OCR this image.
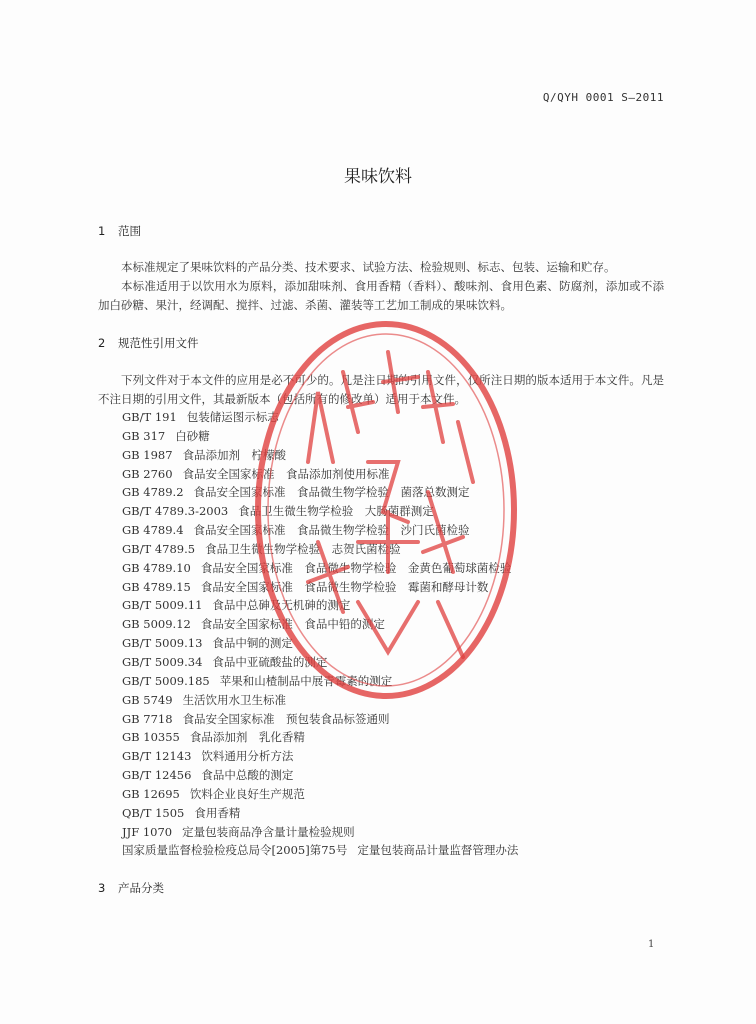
Q/QYH 0001 S—2011
果味饮料
1 范围
本标准规定了果味饮料的产品分类、技术要求、试验方法、检验规则、标志、包装、运输和贮存。
本标准适用于以饮用水为原料，添加甜味剂、食用香精（香料）、酸味剂、食用色素、防腐剂，添加或不添加白砂糖、果汁，经调配、搅拌、过滤、杀菌、灌装等工艺加工制成的果味饮料。
2 规范性引用文件
下列文件对于本文件的应用是必不可少的。凡是注日期的引用文件，仅所注日期的版本适用于本文件。凡是不注日期的引用文件，其最新版本（包括所有的修改单）适用于本文件。
GB/T 191 包装储运图示标志
GB 317 白砂糖
GB 1987 食品添加剂　柠檬酸
GB 2760 食品安全国家标准　食品添加剂使用标准
GB 4789.2 食品安全国家标准　食品微生物学检验　菌落总数测定
GB/T 4789.3-2003 食品卫生微生物学检验　大肠菌群测定
GB 4789.4 食品安全国家标准　食品微生物学检验　沙门氏菌检验
GB/T 4789.5 食品卫生微生物学检验　志贺氏菌检验
GB 4789.10 食品安全国家标准　食品微生物学检验　金黄色葡萄球菌检验
GB 4789.15 食品安全国家标准　食品微生物学检验　霉菌和酵母计数
GB/T 5009.11 食品中总砷及无机砷的测定
GB 5009.12 食品安全国家标准　食品中铅的测定
GB/T 5009.13 食品中铜的测定
GB/T 5009.34 食品中亚硫酸盐的测定
GB/T 5009.185 苹果和山楂制品中展青霉素的测定
GB 5749 生活饮用水卫生标准
GB 7718 食品安全国家标准　预包装食品标签通则
GB 10355 食品添加剂　乳化香精
GB/T 12143 饮料通用分析方法
GB/T 12456 食品中总酸的测定
GB 12695 饮料企业良好生产规范
QB/T 1505 食用香精
JJF 1070 定量包装商品净含量计量检验规则
国家质量监督检验检疫总局令[2005]第75号 定量包装商品计量监督管理办法
3 产品分类
1
